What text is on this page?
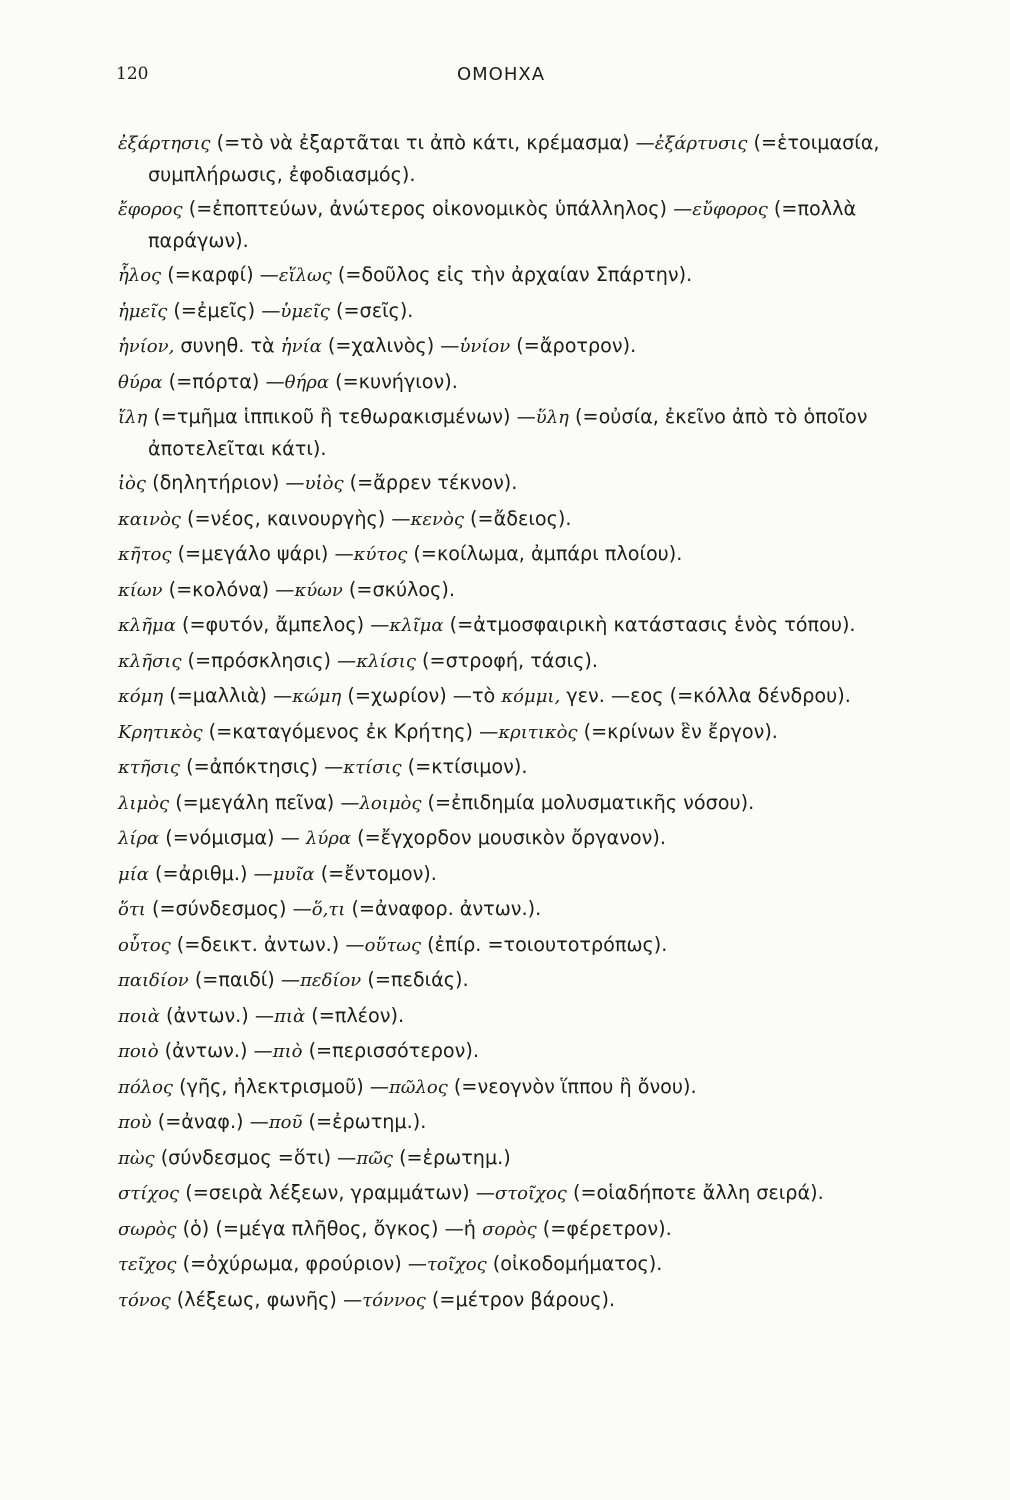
120	ΟΜΟΗΧΑ
ἐξάρτησις (=τὸ νὰ ἐξαρτᾶται τι ἀπὸ κάτι, κρέμασμα) —ἐξάρτυσις (=ἑτοιμασία, συμπλήρωσις, ἐφοδιασμός).
ἔφορος (=ἐποπτεύων, ἀνώτερος οἰκονομικὸς ὑπάλληλος) —εὔφορος (=πολλὰ παράγων).
ἧλος (=καρφί) —εἵλως (=δοῦλος εἰς τὴν ἀρχαίαν Σπάρτην).
ἡμεῖς (=ἐμεῖς) —ὑμεῖς (=σεῖς).
ἡνίον, συνηθ. τὰ ἡνία (=χαλινὸς) —ὑνίον (=ἄροτρον).
θύρα (=πόρτα) —θήρα (=κυνήγιον).
ἴλη (=τμῆμα ἱππικοῦ ἢ τεθωρακισμένων) —ὕλη (=οὐσία, ἐκεῖνο ἀπὸ τὸ ὁποῖον ἀποτελεῖται κάτι).
ἰὸς (δηλητήριον) —υἱὸς (=ἄρρεν τέκνον).
καινὸς (=νέος, καινουργὴς) —κενὸς (=ἄδειος).
κῆτος (=μεγάλο ψάρι) —κύτος (=κοίλωμα, ἀμπάρι πλοίου).
κίων (=κολόνα) —κύων (=σκύλος).
κλῆμα (=φυτόν, ἄμπελος) —κλῖμα (=ἀτμοσφαιρικὴ κατάστασις ἑνὸς τόπου).
κλῆσις (=πρόσκλησις) —κλίσις (=στροφή, τάσις).
κόμη (=μαλλιὰ) —κώμη (=χωρίον) —τὸ κόμμι, γεν. —εος (=κόλλα δένδρου).
Κρητικὸς (=καταγόμενος ἐκ Κρήτης) —κριτικὸς (=κρίνων ἓν ἔργον).
κτῆσις (=ἀπόκτησις) —κτίσις (=κτίσιμον).
λιμὸς (=μεγάλη πεῖνα) —λοιμὸς (=ἐπιδημία μολυσματικῆς νόσου).
λίρα (=νόμισμα) — λύρα (=ἔγχορδον μουσικὸν ὄργανον).
μία (=ἀριθμ.) —μυῖα (=ἔντομον).
ὅτι (=σύνδεσμος) —ὅ,τι (=ἀναφορ. ἀντων.).
οὗτος (=δεικτ. ἀντων.) —οὕτως (ἐπίρ. =τοιουτοτρόπως).
παιδίον (=παιδί) —πεδίον (=πεδιάς).
ποιὰ (ἀντων.) —πιὰ (=πλέον).
ποιὸ (ἀντων.) —πιὸ (=περισσότερον).
πόλος (γῆς, ἠλεκτρισμοῦ) —πῶλος (=νεογνὸν ἵππου ἢ ὄνου).
ποὺ (=ἀναφ.) —ποῦ (=ἐρωτημ.).
πὼς (σύνδεσμος =ὅτι) —πῶς (=ἐρωτημ.)
στίχος (=σειρὰ λέξεων, γραμμάτων) —στοῖχος (=οἱαδήποτε ἄλλη σειρά).
σωρὸς (ὁ) (=μέγα πλῆθος, ὄγκος) —ἡ σορὸς (=φέρετρον).
τεῖχος (=ὀχύρωμα, φρούριον) —τοῖχος (οἰκοδομήματος).
τόνος (λέξεως, φωνῆς) —τόννος (=μέτρον βάρους).
